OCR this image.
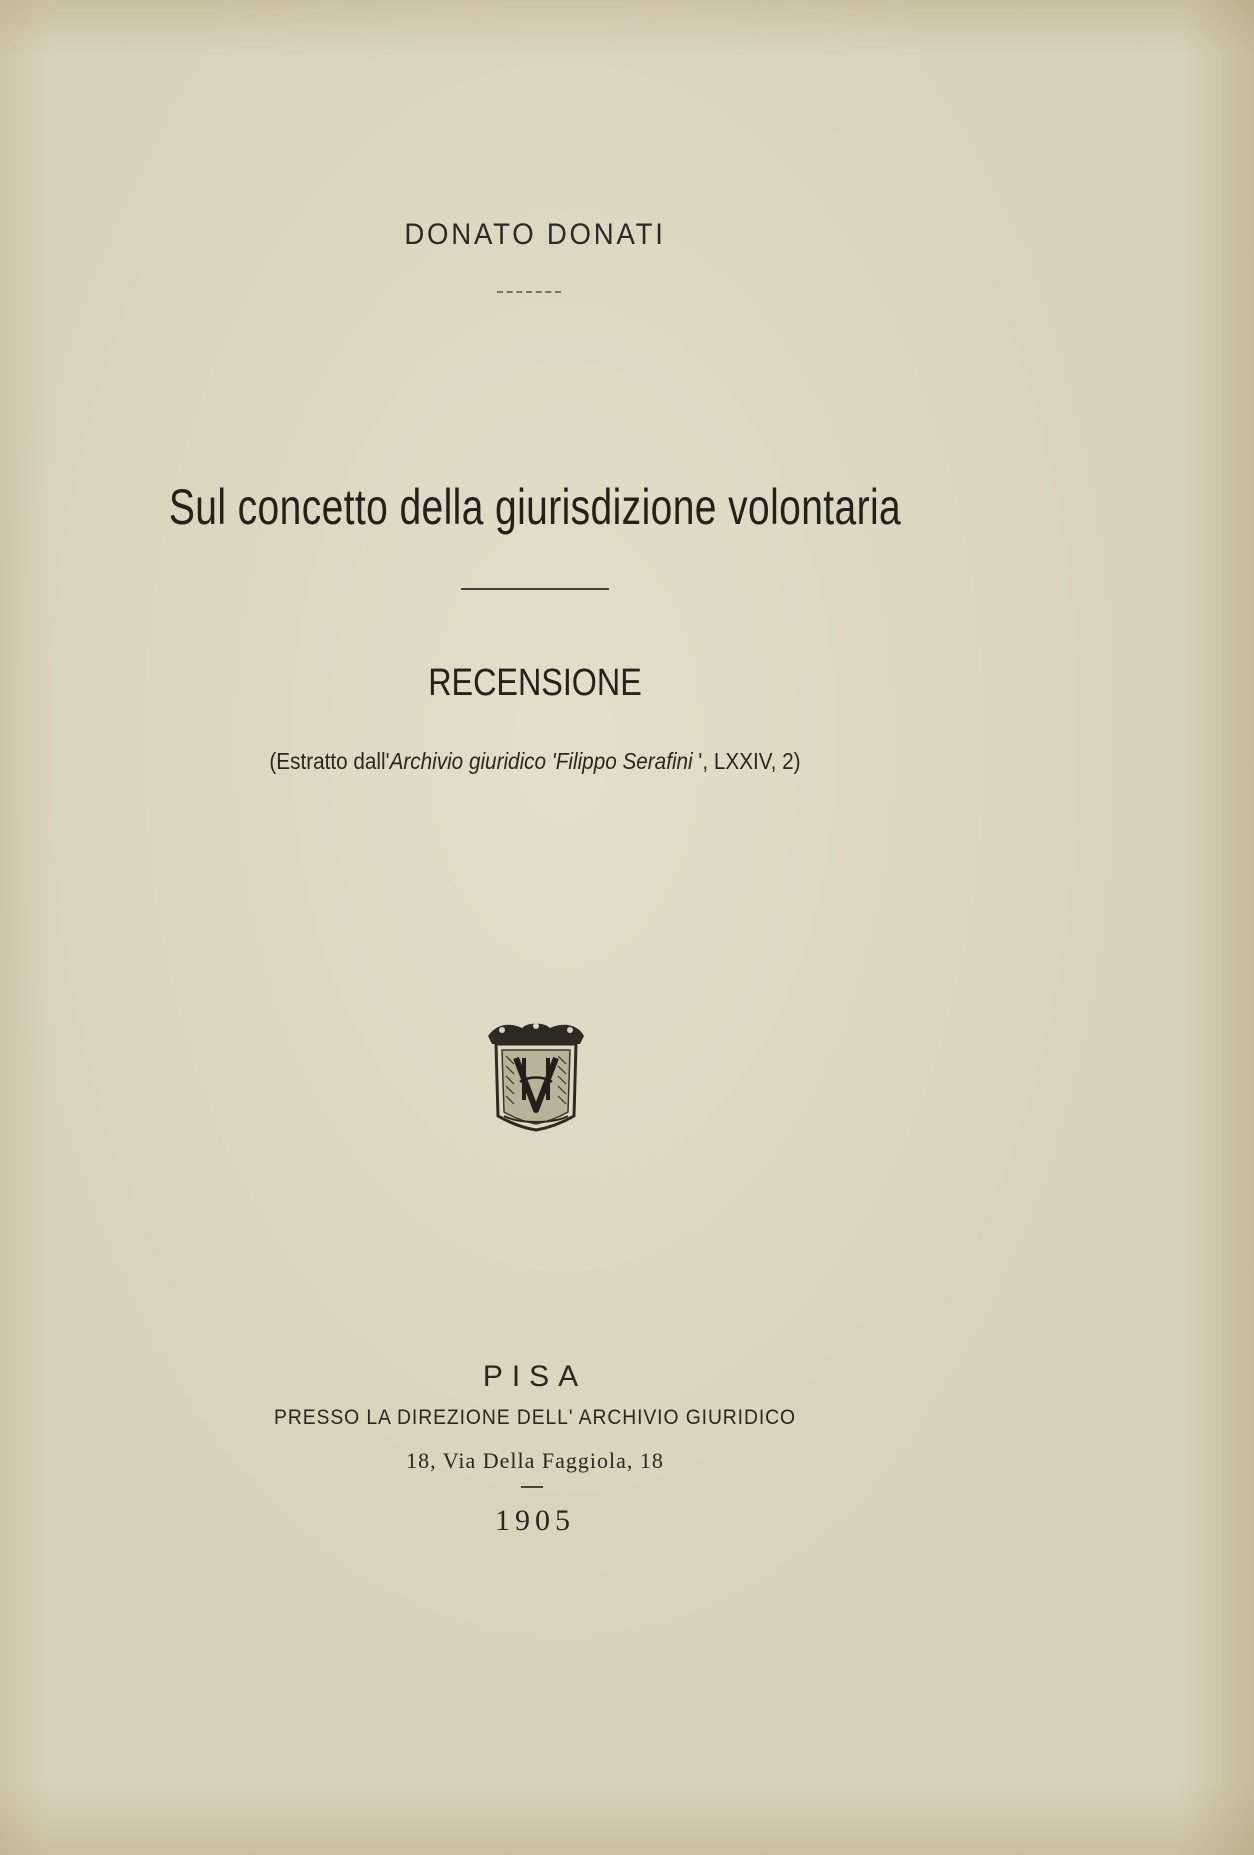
DONATO DONATI
Sul concetto della giurisdizione volontaria
RECENSIONE
(Estratto dall'Archivio giuridico 'Filippo Serafini ', LXXIV, 2)
PISA
PRESSO LA DIREZIONE DELL' ARCHIVIO GIURIDICO
18, Via Della Faggiola, 18
1905
